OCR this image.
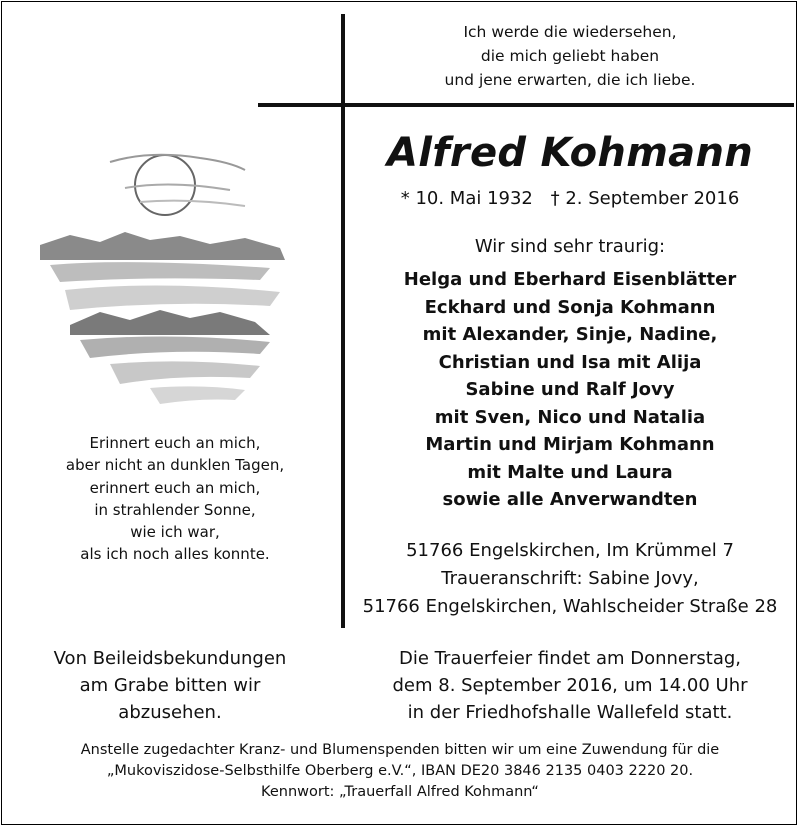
Ich werde die wiedersehen,
die mich geliebt haben
und jene erwarten, die ich liebe.
Alfred Kohmann
* 10. Mai 1932 † 2. September 2016
Wir sind sehr traurig:
Helga und Eberhard Eisenblätter
Eckhard und Sonja Kohmann
mit Alexander, Sinje, Nadine,
Christian und Isa mit Alija
Sabine und Ralf Jovy
mit Sven, Nico und Natalia
Martin und Mirjam Kohmann
mit Malte und Laura
sowie alle Anverwandten
51766 Engelskirchen, Im Krümmel 7
Traueranschrift: Sabine Jovy,
51766 Engelskirchen, Wahlscheider Straße 28
Die Trauerfeier findet am Donnerstag,
dem 8. September 2016, um 14.00 Uhr
in der Friedhofshalle Wallefeld statt.
Erinnert euch an mich,
aber nicht an dunklen Tagen,
erinnert euch an mich,
in strahlender Sonne,
wie ich war,
als ich noch alles konnte.
Von Beileidsbekundungen
am Grabe bitten wir
abzusehen.
Anstelle zugedachter Kranz- und Blumenspenden bitten wir um eine Zuwendung für die
„Mukoviszidose-Selbsthilfe Oberberg e.V.“, IBAN DE20 3846 2135 0403 2220 20.
Kennwort: „Trauerfall Alfred Kohmann“
